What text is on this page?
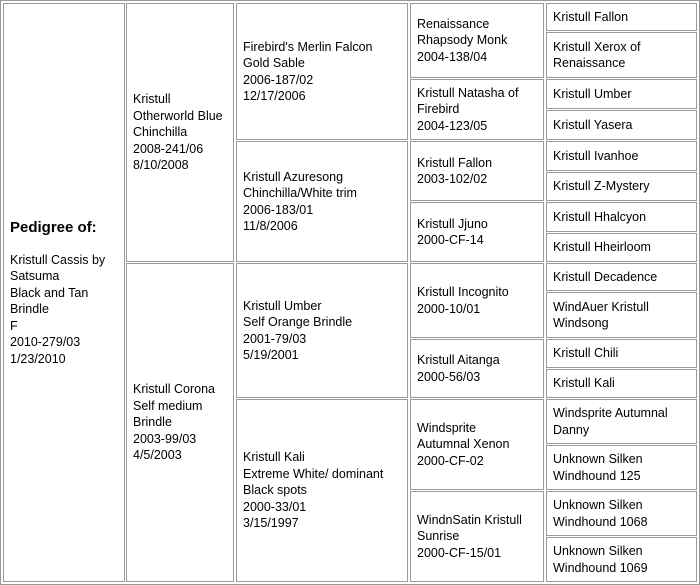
Pedigree of:
Kristull Cassis by
Satsuma
Black and Tan
Brindle
F
2010-279/03
1/23/2010
Kristull
Otherworld Blue
Chinchilla
2008-241/06
8/10/2008
Kristull Corona
Self medium
Brindle
2003-99/03
4/5/2003
Firebird's Merlin Falcon
Gold Sable
2006-187/02
12/17/2006
Kristull Azuresong
Chinchilla/White trim
2006-183/01
11/8/2006
Kristull Umber
Self Orange Brindle
2001-79/03
5/19/2001
Kristull Kali
Extreme White/ dominant
Black spots
2000-33/01
3/15/1997
Renaissance
Rhapsody Monk
2004-138/04
Kristull Natasha of
Firebird
2004-123/05
Kristull Fallon
2003-102/02
Kristull Jjuno
2000-CF-14
Kristull Incognito
2000-10/01
Kristull Aitanga
2000-56/03
Windsprite
Autumnal Xenon
2000-CF-02
WindnSatin Kristull
Sunrise
2000-CF-15/01
Kristull Fallon
Kristull Xerox of
Renaissance
Kristull Umber
Kristull Yasera
Kristull Ivanhoe
Kristull Z-Mystery
Kristull Hhalcyon
Kristull Hheirloom
Kristull Decadence
WindAuer Kristull
Windsong
Kristull Chili
Kristull Kali
Windsprite Autumnal
Danny
Unknown Silken
Windhound 125
Unknown Silken
Windhound 1068
Unknown Silken
Windhound 1069
